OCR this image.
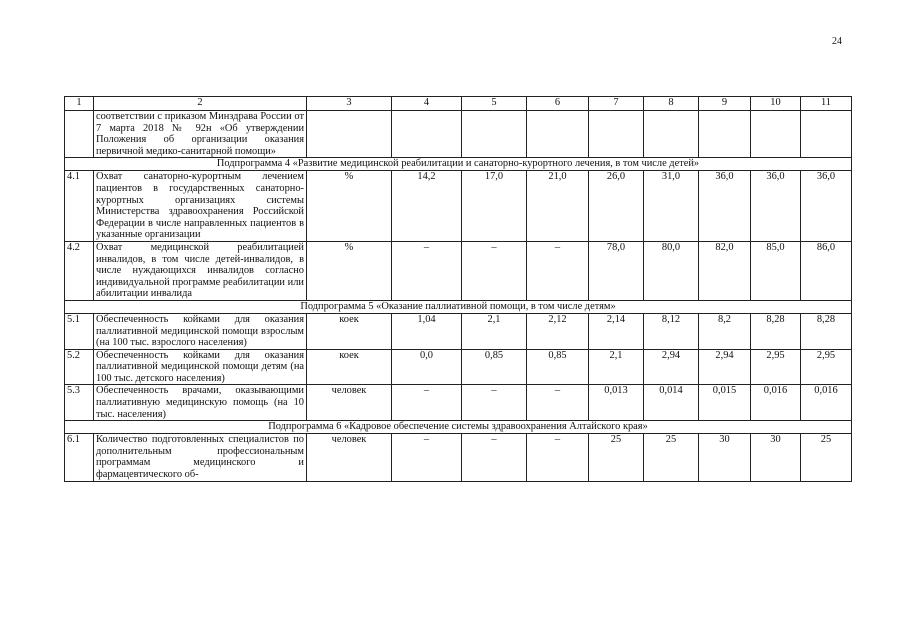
24
1	2	3	4	5	6	7	8	9	10	11
	соответствии с приказом Минздрава России от 7 марта 2018 № 92н «Об утверждении Положения об организации оказания первичной медико-санитарной помощи»									
Подпрограмма 4 «Развитие медицинской реабилитации и санаторно-курортного лечения, в том числе детей»										
4.1	Охват санаторно-курортным лечением пациентов в государственных санаторно-курортных организациях системы Министерства здравоохранения Российской Федерации в числе направленных пациентов в указанные организации	%	14,2	17,0	21,0	26,0	31,0	36,0	36,0	36,0
4.2	Охват медицинской реабилитацией инвалидов, в том числе детей-инвалидов, в числе нуждающихся инвалидов согласно индивидуальной программе реабилитации или абилитации инвалида	%	–	–	–	78,0	80,0	82,0	85,0	86,0
Подпрограмма 5 «Оказание паллиативной помощи, в том числе детям»										
5.1	Обеспеченность койками для оказания паллиативной медицинской помощи взрослым (на 100 тыс. взрослого населения)	коек	1,04	2,1	2,12	2,14	8,12	8,2	8,28	8,28
5.2	Обеспеченность койками для оказания паллиативной медицинской помощи детям (на 100 тыс. детского населения)	коек	0,0	0,85	0,85	2,1	2,94	2,94	2,95	2,95
5.3	Обеспеченность врачами, оказывающими паллиативную медицинскую помощь (на 10 тыс. населения)	человек	–	–	–	0,013	0,014	0,015	0,016	0,016
Подпрограмма 6 «Кадровое обеспечение системы здравоохранения Алтайского края»										
6.1	Количество подготовленных специалистов по дополнительным профессиональным программам медицинского и фармацевтического об-	человек	–	–	–	25	25	30	30	25
